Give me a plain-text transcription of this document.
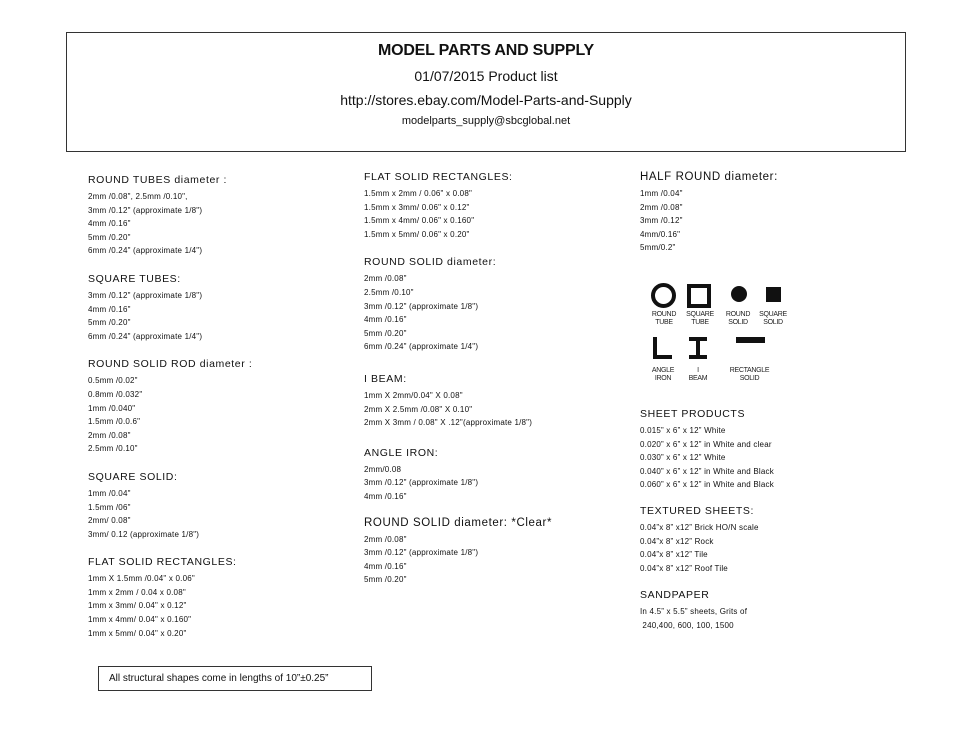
MODEL PARTS AND SUPPLY
01/07/2015 Product list
http://stores.ebay.com/Model-Parts-and-Supply
modelparts_supply@sbcglobal.net
ROUND TUBES diameter :
2mm /0.08", 2.5mm /0.10",
3mm /0.12" (approximate 1/8")
4mm /0.16"
5mm /0.20"
6mm /0.24" (approximate 1/4")
SQUARE TUBES:
3mm /0.12" (approximate 1/8")
4mm /0.16"
5mm /0.20"
6mm /0.24" (approximate 1/4")
ROUND SOLID ROD diameter :
0.5mm /0.02"
0.8mm /0.032"
1mm /0.040"
1.5mm /0.0.6"
2mm /0.08"
2.5mm /0.10"
SQUARE SOLID:
1mm /0.04"
1.5mm /06"
2mm/ 0.08"
3mm/ 0.12 (approximate 1/8")
FLAT SOLID RECTANGLES:
1mm X 1.5mm /0.04" x 0.06"
1mm x 2mm / 0.04 x 0.08"
1mm x 3mm/ 0.04" x 0.12"
1mm x 4mm/ 0.04" x 0.160"
1mm x 5mm/ 0.04" x 0.20"
FLAT SOLID RECTANGLES:
1.5mm x 2mm / 0.06" x 0.08"
1.5mm x 3mm/ 0.06" x 0.12"
1.5mm x 4mm/ 0.06" x 0.160"
1.5mm x 5mm/ 0.06" x 0.20"
ROUND SOLID diameter:
2mm /0.08"
2.5mm /0.10"
3mm /0.12" (approximate 1/8")
4mm /0.16"
5mm /0.20"
6mm /0.24" (approximate 1/4")
I BEAM:
1mm X 2mm/0.04" X 0.08"
2mm X 2.5mm /0.08" X 0.10"
2mm X 3mm / 0.08" X .12"(approximate 1/8")
ANGLE IRON:
2mm/0.08
3mm /0.12" (approximate 1/8")
4mm /0.16"
ROUND SOLID diameter: *Clear*
2mm /0.08"
3mm /0.12" (approximate 1/8")
4mm /0.16"
5mm /0.20"
HALF ROUND diameter:
1mm /0.04"
2mm /0.08"
3mm /0.12"
4mm/0.16"
5mm/0.2"
ROUND
TUBE
SQUARE
TUBE
ROUND
SOLID
SQUARE
SOLID
ANGLE
IRON
I
BEAM
RECTANGLE
SOLID
SHEET PRODUCTS
0.015” x 6” x 12” White
0.020” x 6” x 12” in White and clear
0.030” x 6” x 12” White
0.040” x 6” x 12” in White and Black
0.060” x 6” x 12” in White and Black
TEXTURED SHEETS:
0.04”x 8” x12” Brick HO/N scale
0.04”x 8” x12” Rock
0.04”x 8” x12” Tile
0.04”x 8” x12” Roof Tile
SANDPAPER
In 4.5” x 5.5” sheets, Grits of
240,400, 600, 100, 1500
All structural shapes come in lengths of 10”±0.25”
